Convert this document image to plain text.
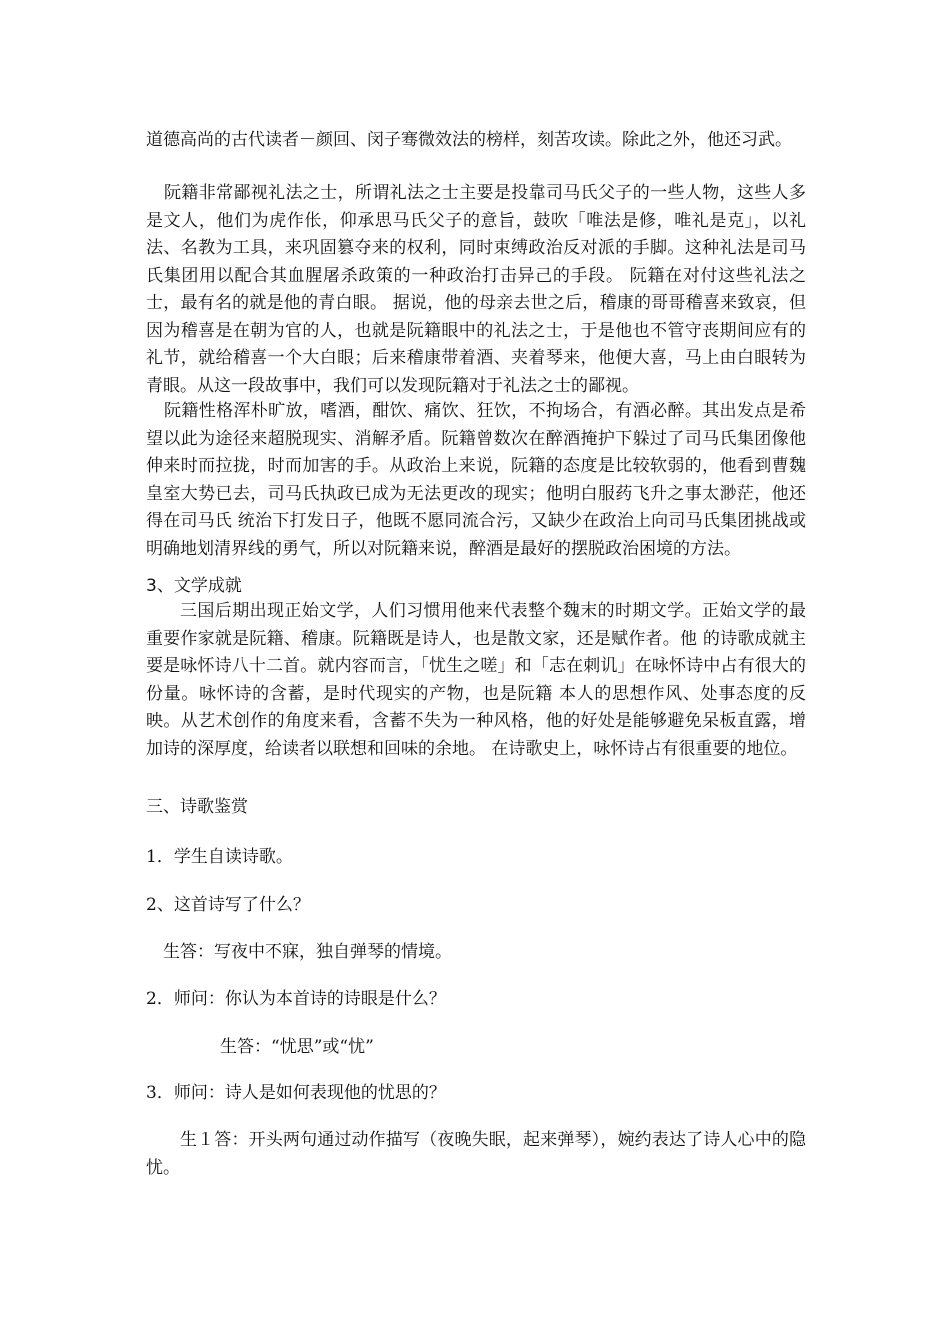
道德高尚的古代读者－颜回、闵子骞微效法的榜样，刻苦攻读。除此之外，他还习武。

阮籍非常鄙视礼法之士，所谓礼法之士主要是投靠司马氏父子的一些人物，这些人多是文人，他们为虎作伥，仰承思马氏父子的意旨，鼓吹「唯法是修，唯礼是克」，以礼法、名教为工具，来巩固篡夺来的权利，同时束缚政治反对派的手脚。这种礼法是司马氏集团用以配合其血腥屠杀政策的一种政治打击异己的手段。 阮籍在对付这些礼法之士，最有名的就是他的青白眼。 据说，他的母亲去世之后，稽康的哥哥稽喜来致哀，但因为稽喜是在朝为官的人，也就是阮籍眼中的礼法之士，于是他也不管守丧期间应有的礼节，就给稽喜一个大白眼；后来稽康带着酒、夹着琴来，他便大喜，马上由白眼转为青眼。从这一段故事中，我们可以发现阮籍对于礼法之士的鄙视。

阮籍性格浑朴旷放，嗜酒，酣饮、痛饮、狂饮，不拘场合，有酒必醉。其出发点是希望以此为途径来超脱现实、消解矛盾。阮籍曾数次在醉酒掩护下躲过了司马氏集团像他伸来时而拉拢，时而加害的手。从政治上来说，阮籍的态度是比较软弱的，他看到曹魏皇室大势已去，司马氏执政已成为无法更改的现实；他明白服药飞升之事太渺茫，他还得在司马氏 统治下打发日子，他既不愿同流合污，又缺少在政治上向司马氏集团挑战或明确地划清界线的勇气，所以对阮籍来说，醉酒是最好的摆脱政治困境的方法。

3、文学成就

三国后期出现正始文学，人们习惯用他来代表整个魏末的时期文学。正始文学的最重要作家就是阮籍、稽康。阮籍既是诗人，也是散文家，还是赋作者。他 的诗歌成就主要是咏怀诗八十二首。就内容而言，「忧生之嗟」和「志在刺讥」在咏怀诗中占有很大的份量。咏怀诗的含蓄，是时代现实的产物，也是阮籍 本人的思想作风、处事态度的反映。从艺术创作的角度来看，含蓄不失为一种风格，他的好处是能够避免呆板直露，增加诗的深厚度，给读者以联想和回味的余地。 在诗歌史上，咏怀诗占有很重要的地位。

三、诗歌鉴赏
1．学生自读诗歌。
2、这首诗写了什么？
生答：写夜中不寐，独自弹琴的情境。
2．师问：你认为本首诗的诗眼是什么？
生答：“忧思”或“忧”
3．师问：诗人是如何表现他的忧思的？

生１答：开头两句通过动作描写（夜晚失眠，起来弹琴），婉约表达了诗人心中的隐忧。
